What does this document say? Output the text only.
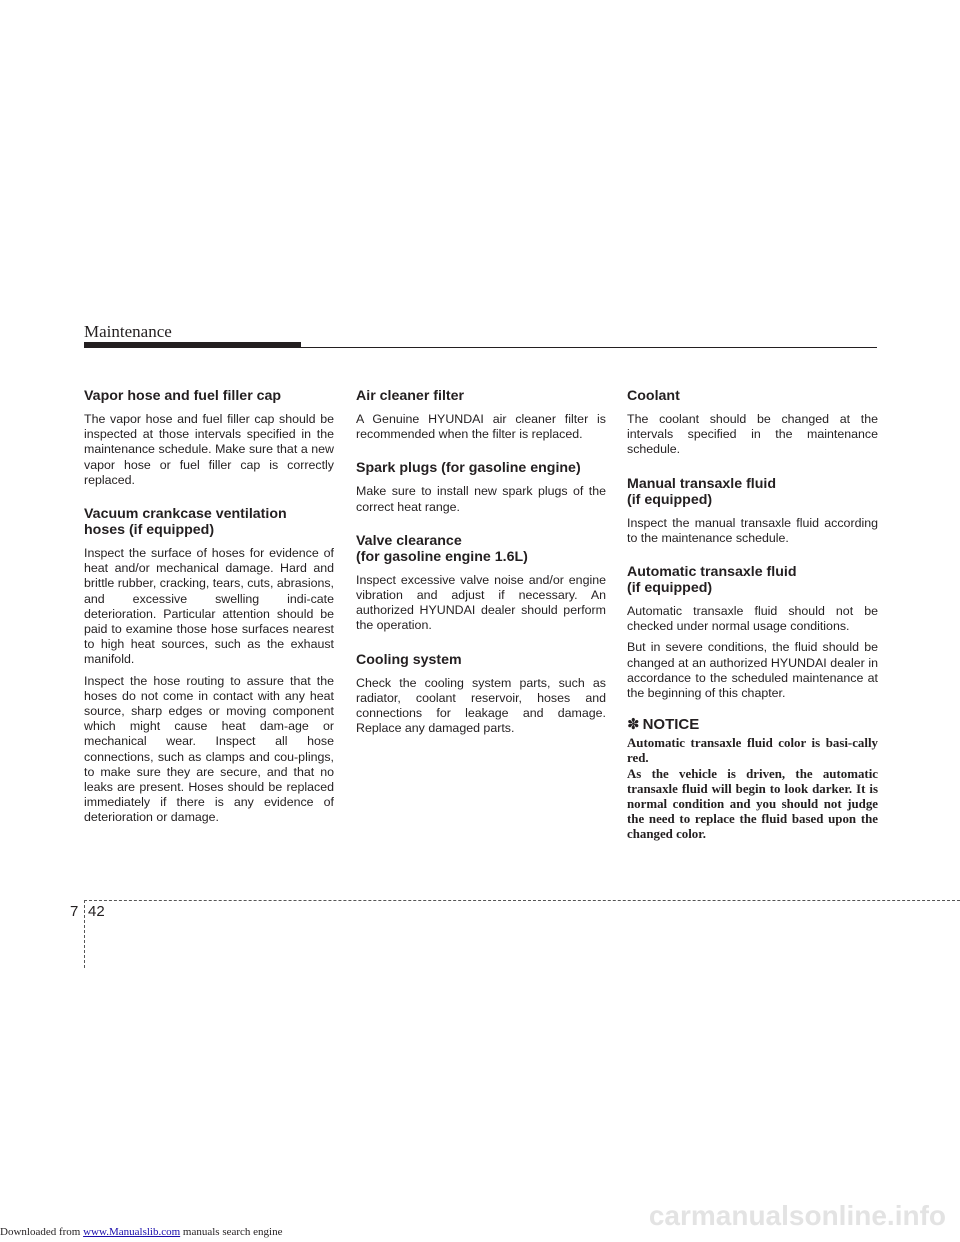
Maintenance
Vapor hose and fuel filler cap

The vapor hose and fuel filler cap should be inspected at those intervals specified in the maintenance schedule. Make sure that a new vapor hose or fuel filler cap is correctly replaced.

Vacuum crankcase ventilation
hoses (if equipped)

Inspect the surface of hoses for evidence of heat and/or mechanical damage. Hard and brittle rubber, cracking, tears, cuts, abrasions, and excessive swelling indi-cate deterioration. Particular attention should be paid to examine those hose surfaces nearest to high heat sources, such as the exhaust manifold.

Inspect the hose routing to assure that the hoses do not come in contact with any heat source, sharp edges or moving component which might cause heat dam-age or mechanical wear. Inspect all hose connections, such as clamps and cou-plings, to make sure they are secure, and that no leaks are present. Hoses should be replaced immediately if there is any evidence of deterioration or damage.

Air cleaner filter

A Genuine HYUNDAI air cleaner filter is recommended when the filter is replaced.

Spark plugs (for gasoline engine)

Make sure to install new spark plugs of the correct heat range.

Valve clearance
(for gasoline engine 1.6L)

Inspect excessive valve noise and/or engine vibration and adjust if necessary. An authorized HYUNDAI dealer should perform the operation.

Cooling system

Check the cooling system parts, such as radiator, coolant reservoir, hoses and connections for leakage and damage. Replace any damaged parts.

Coolant

The coolant should be changed at the intervals specified in the maintenance schedule.

Manual transaxle fluid
(if equipped)

Inspect the manual transaxle fluid according to the maintenance schedule.

Automatic transaxle fluid
(if equipped)

Automatic transaxle fluid should not be checked under normal usage conditions.

But in severe conditions, the fluid should be changed at an authorized HYUNDAI dealer in accordance to the scheduled maintenance at the beginning of this chapter.

✽ NOTICE
Automatic transaxle fluid color is basi-cally red.
As the vehicle is driven, the automatic transaxle fluid will begin to look darker. It is normal condition and you should not judge the need to replace the fluid based upon the changed color.
7 42
carmanualsonline.info
Downloaded from www.Manualslib.com manuals search engine
